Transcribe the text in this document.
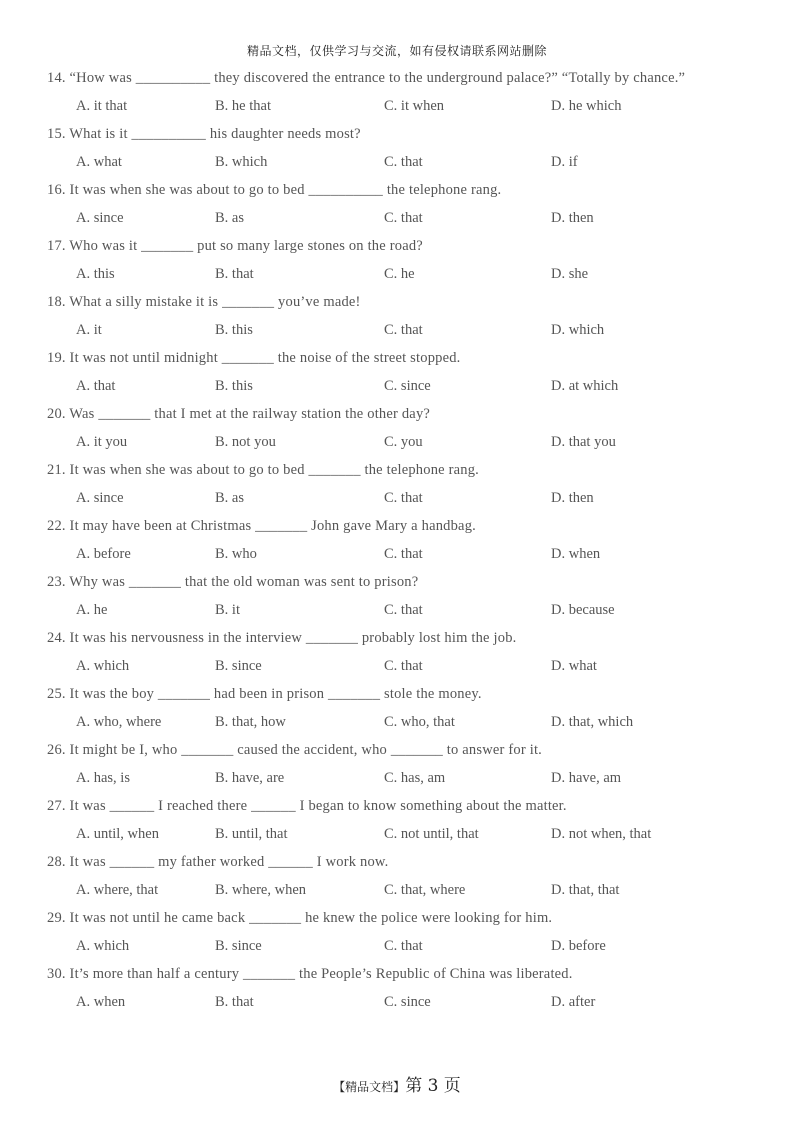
精品文档，仅供学习与交流，如有侵权请联系网站删除
14. “How was __________ they discovered the entrance to the underground palace?” “Totally by chance.”
A. it that	B. he that	C. it when	D. he which
15. What is it __________ his daughter needs most?
A. what	B. which	C. that	D. if
16. It was when she was about to go to bed __________ the telephone rang.
A. since	B. as	C. that	D. then
17. Who was it _______ put so many large stones on the road?
A. this	B. that	C. he	D. she
18. What a silly mistake it is _______ you’ve made!
A. it	B. this	C. that	D. which
19. It was not until midnight _______ the noise of the street stopped.
A. that	B. this	C. since	D. at which
20. Was _______ that I met at the railway station the other day?
A. it you	B. not you	C. you	D. that you
21. It was when she was about to go to bed _______ the telephone rang.
A. since	B. as	C. that	D. then
22. It may have been at Christmas _______ John gave Mary a handbag.
A. before	B. who	C. that	D. when
23. Why was _______ that the old woman was sent to prison?
A. he	B. it	C. that	D. because
24. It was his nervousness in the interview _______ probably lost him the job.
A. which	B. since	C. that	D. what
25. It was the boy _______ had been in prison _______ stole the money.
A. who, where	B. that, how	C. who, that	D. that, which
26. It might be I, who _______ caused the accident, who _______ to answer for it.
A. has, is	B. have, are	C. has, am	D. have, am
27. It was ______ I reached there ______ I began to know something about the matter.
A. until, when	B. until, that	C. not until, that	D. not when, that
28. It was ______ my father worked ______ I work now.
A. where, that	B. where, when	C. that, where	D. that, that
29. It was not until he came back _______ he knew the police were looking for him.
A. which	B. since	C. that	D. before
30. It’s more than half a century _______ the People’s Republic of China was liberated.
A. when	B. that	C. since	D. after
【精品文档】第 3 页
